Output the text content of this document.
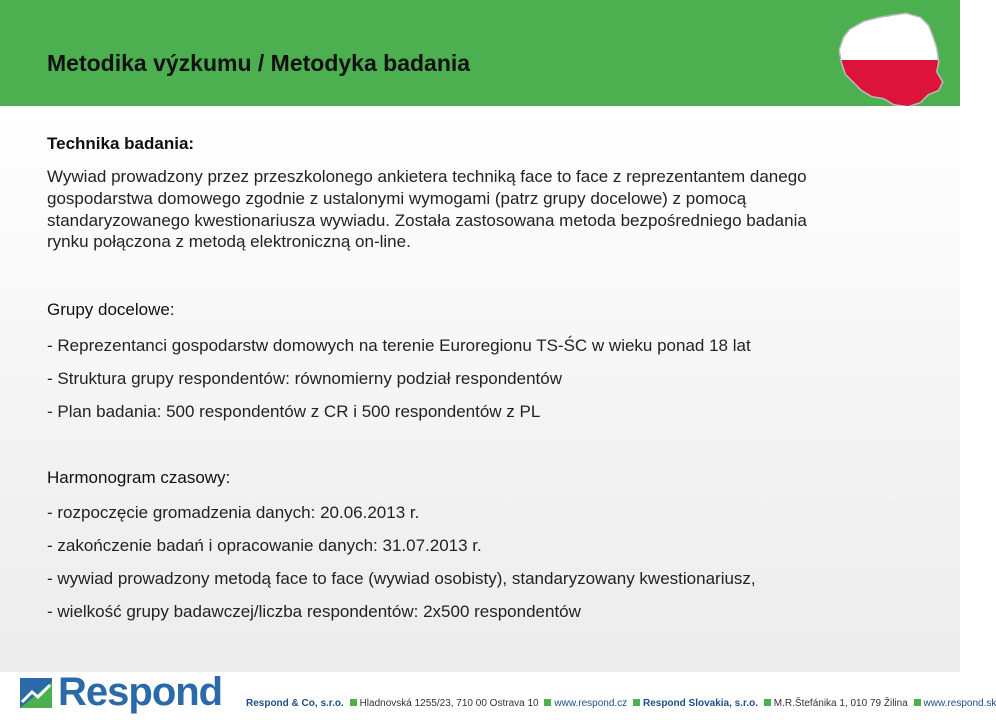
Metodika výzkumu / Metodyka badania
Technika badania:
Wywiad prowadzony przez przeszkolonego ankietera techniką face to face z reprezentantem danego
gospodarstwa domowego zgodnie z ustalonymi wymogami (patrz grupy docelowe) z pomocą
standaryzowanego kwestionariusza wywiadu. Została zastosowana metoda bezpośredniego badania
rynku połączona z metodą elektroniczną on-line.
Grupy docelowe:
- Reprezentanci gospodarstw domowych na terenie Euroregionu TS-ŚC w wieku ponad 18 lat
- Struktura grupy respondentów: równomierny podział respondentów
- Plan badania: 500 respondentów z CR i 500 respondentów z PL
Harmonogram czasowy:
- rozpoczęcie gromadzenia danych: 20.06.2013 r.
- zakończenie badań i opracowanie danych: 31.07.2013 r.
- wywiad prowadzony metodą face to face (wywiad osobisty), standaryzowany kwestionariusz,
- wielkość grupy badawczej/liczba respondentów: 2x500 respondentów
Respond Respond & Co, s.r.o. Hladnovská 1255/23, 710 00 Ostrava 10 www.respond.cz Respond Slovakia, s.r.o. M.R.Štefánika 1, 010 79 Žilina www.respond.sk
